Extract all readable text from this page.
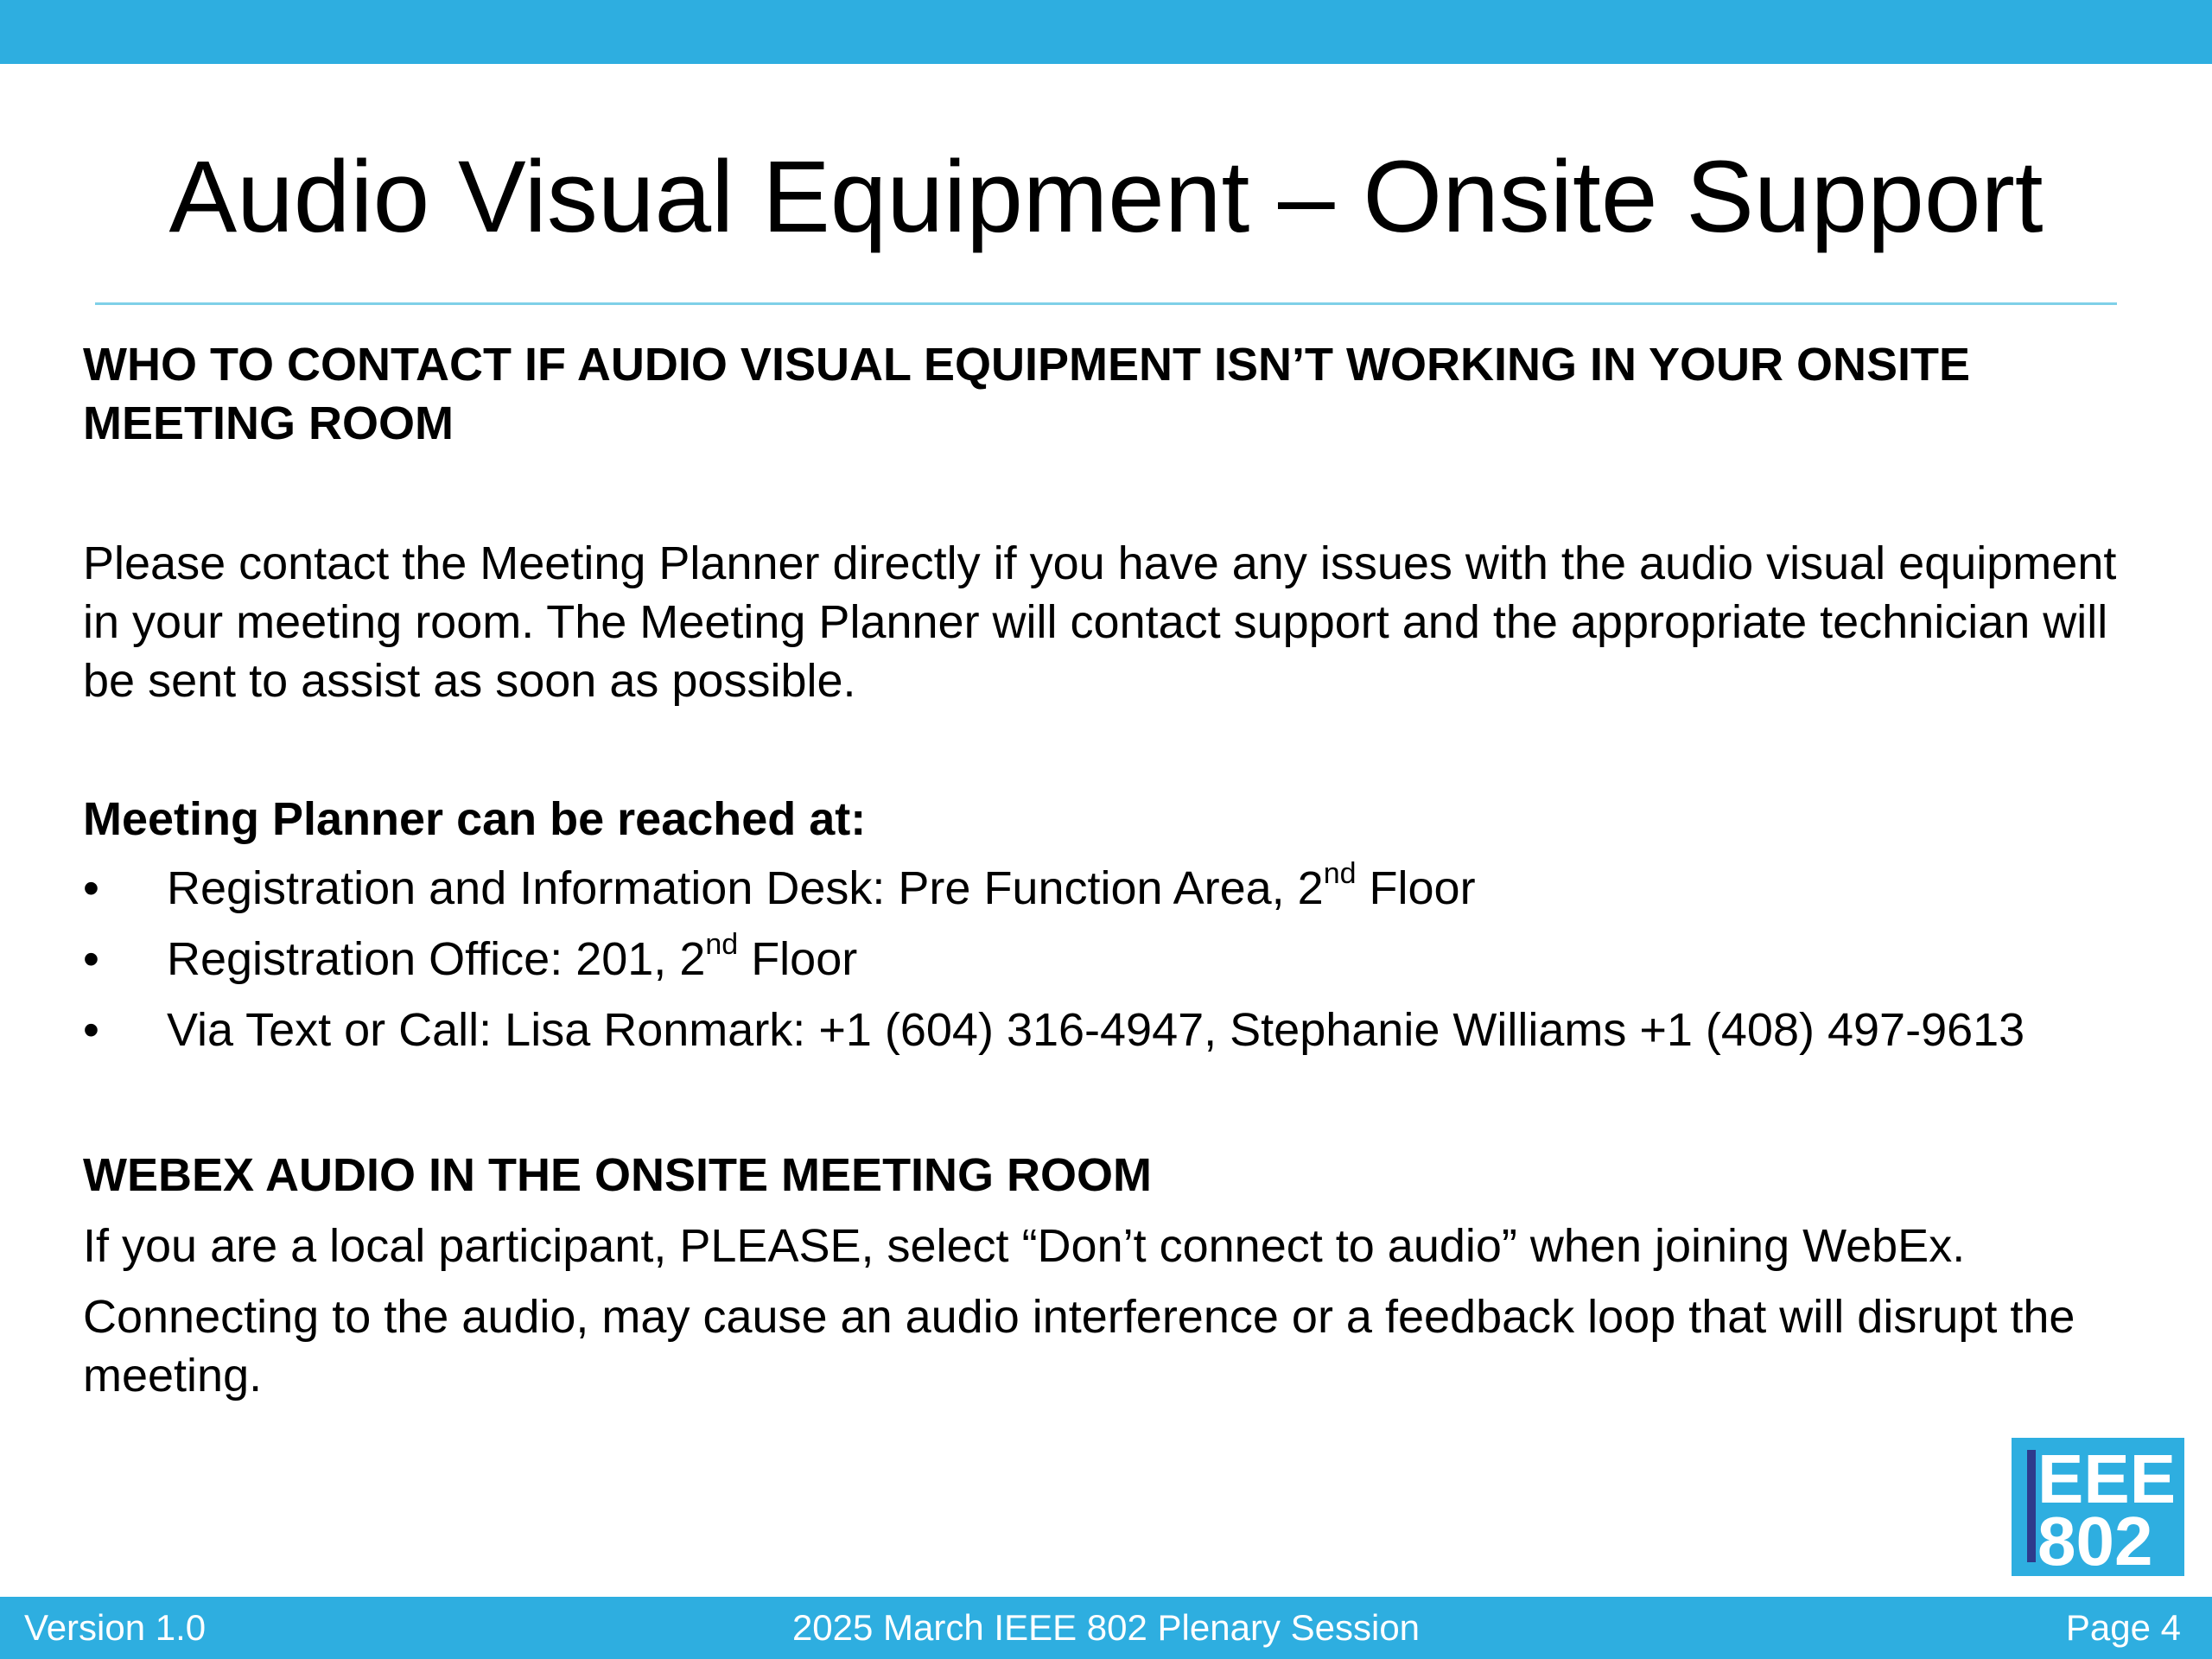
Audio Visual Equipment – Onsite Support

WHO TO CONTACT IF AUDIO VISUAL EQUIPMENT ISN’T WORKING IN YOUR ONSITE MEETING ROOM

Please contact the Meeting Planner directly if you have any issues with the audio visual equipment in your meeting room. The Meeting Planner will contact support and the appropriate technician will be sent to assist as soon as possible.

Meeting Planner can be reached at:

• Registration and Information Desk: Pre Function Area, 2nd Floor
• Registration Office: 201, 2nd Floor
• Via Text or Call: Lisa Ronmark: +1 (604) 316-4947, Stephanie Williams +1 (408) 497-9613

WEBEX AUDIO IN THE ONSITE MEETING ROOM

If you are a local participant, PLEASE, select “Don’t connect to audio” when joining WebEx.

Connecting to the audio, may cause an audio interference or a feedback loop that will disrupt the meeting.

EEE
802
Version 1.0	2025 March IEEE 802 Plenary Session	Page 4
